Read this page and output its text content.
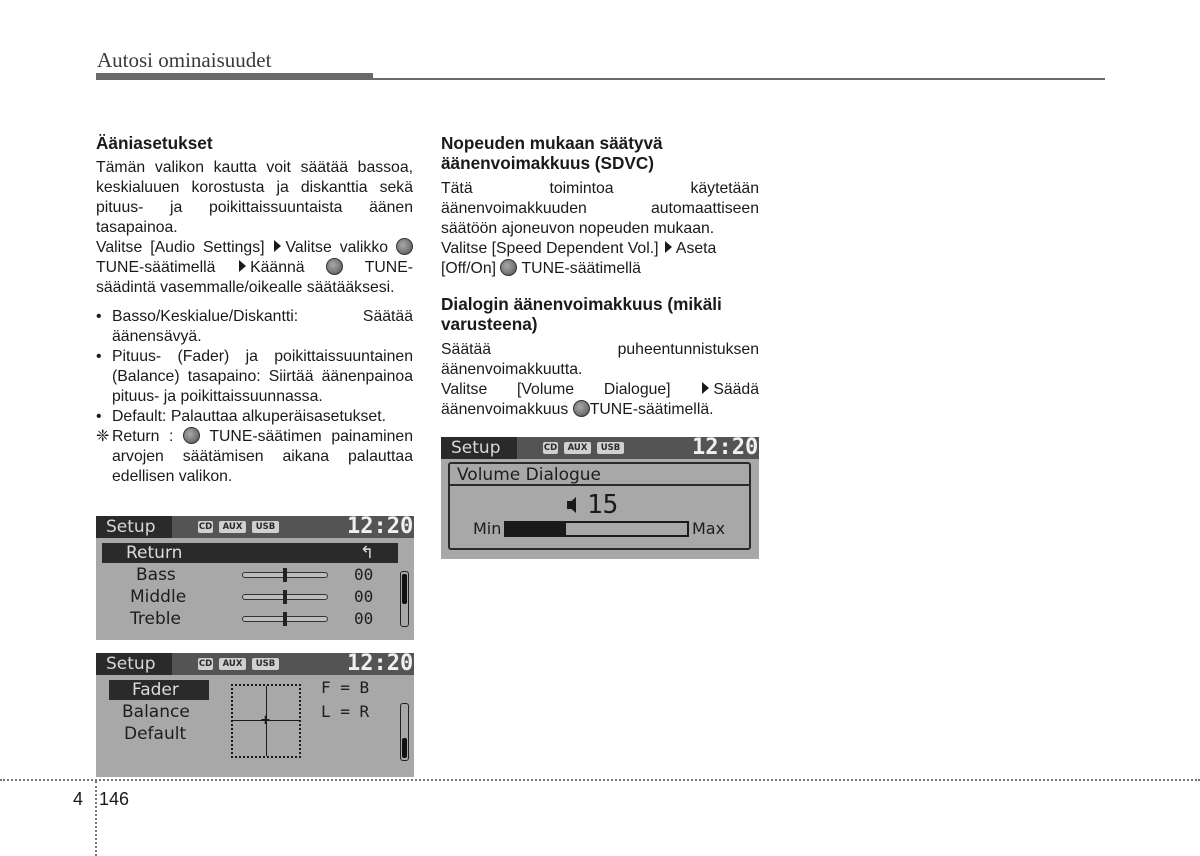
Autosi ominaisuudet
Ääniasetukset

Tämän valikon kautta voit säätää bassoa, keskialuuen korostusta ja diskanttia sekä pituus- ja poikittaissuuntaista äänen tasapainoa.

Valitse [Audio Settings] Valitse valikko  TUNE-säätimellä Käännä	TUNE-säädintä vasemmalle/oikealle säätääksesi.

• Basso/Keskialue/Diskantti: Säätää äänensävyä.
• Pituus- (Fader) ja poikittaissuuntainen (Balance) tasapaino: Siirtää äänenpainoa pituus- ja poikittaissuunnassa.
• Default: Palauttaa alkuperäisasetukset.
❈ Return : TUNE-säätimen painaminen arvojen säätämisen aikana palauttaa edellisen valikon.
Nopeuden mukaan säätyvä äänenvoimakkuus (SDVC)

Tätä toimintoa käytetään äänenvoimakkuuden automaattiseen säätöön ajoneuvon nopeuden mukaan.

Valitse [Speed Dependent Vol.] Aseta [Off/On] TUNE-säätimellä

Dialogin äänenvoimakkuus (mikäli varusteena)

Säätää puheentunnistuksen äänenvoimakkuutta.

Valitse [Volume Dialogue]	Säädä äänenvoimakkuus TUNE-säätimellä.

Setup	CD	AUX	USB	12:20
Return	↰
Bass	00
Middle	00
Treble	00
Setup	CD	AUX	USB	12:20
Fader
Balance
Default
+
F = B
L = R
Setup	CD	AUX	USB	12:20
Volume Dialogue
15
Min	Max
4 146
